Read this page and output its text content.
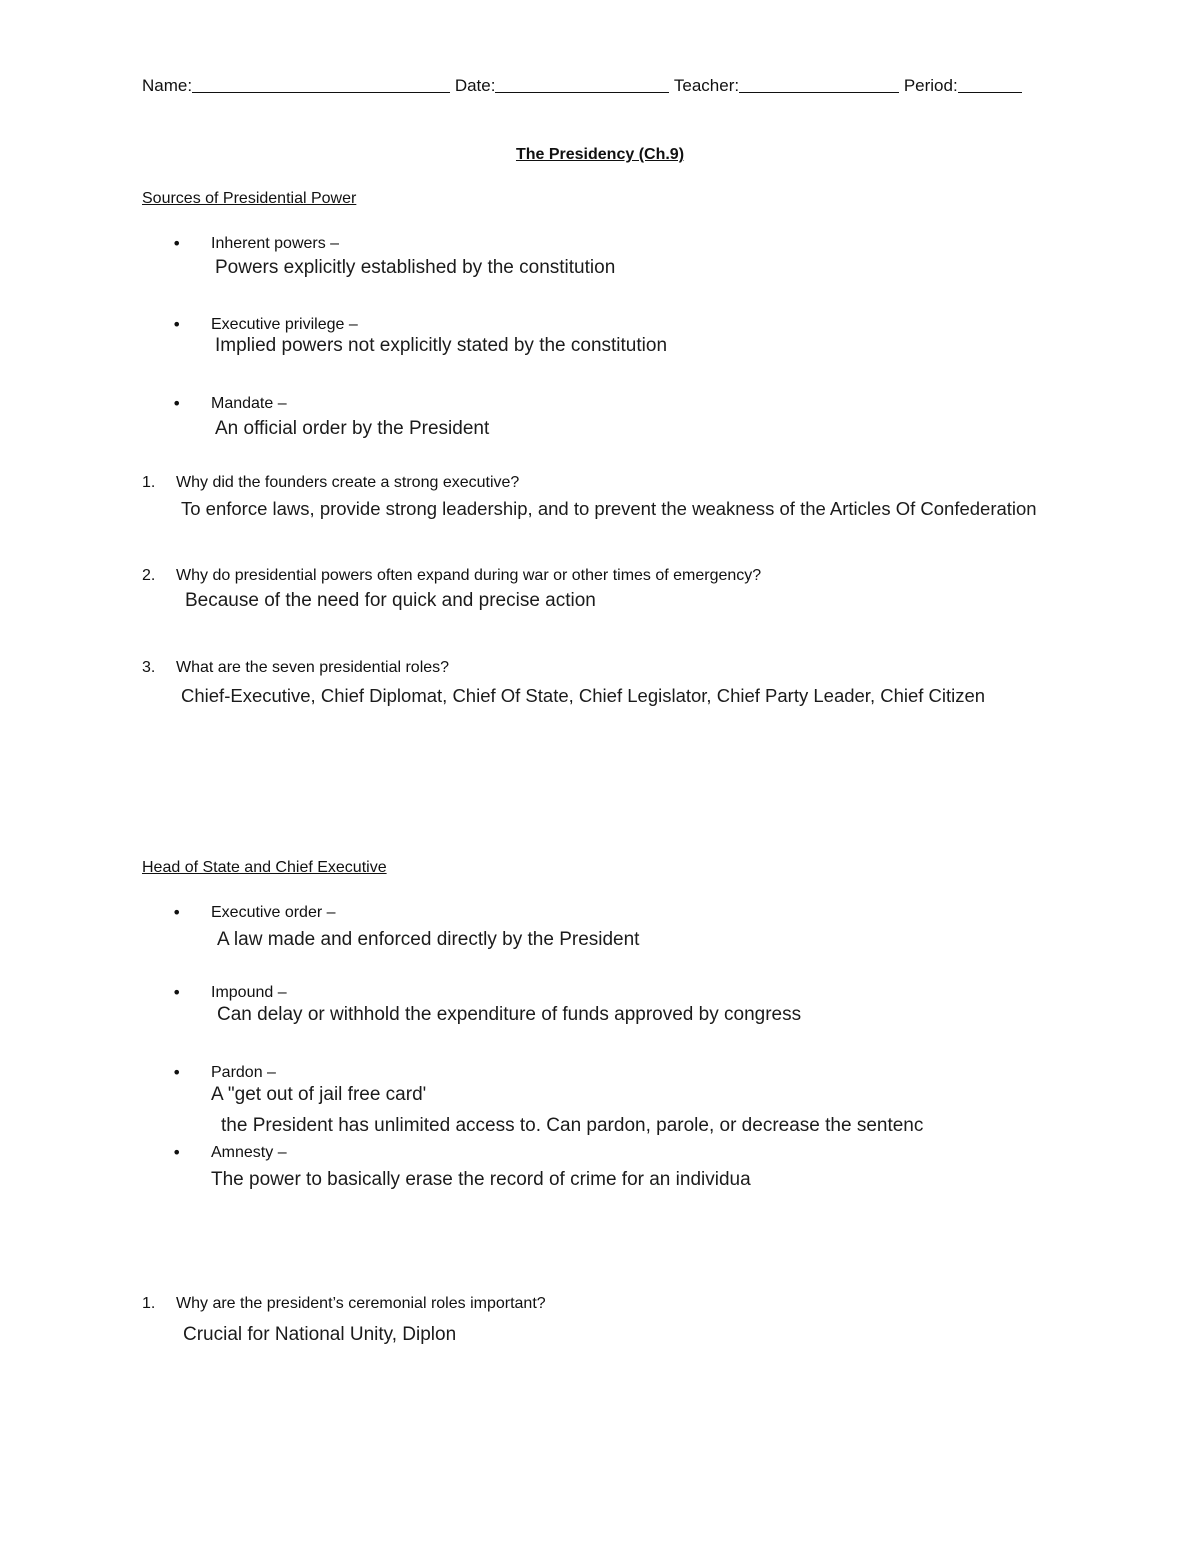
Name:	Date:	Teacher:	Period:
The Presidency (Ch.9)
Sources of Presidential Power
• Inherent powers –
Powers explicitly established by the constitution
• Executive privilege –
Implied powers not explicitly stated by the constitution
• Mandate –
An official order by the President
1. Why did the founders create a strong executive?
To enforce laws, provide strong leadership, and to prevent the weakness of the Articles Of Confederation
2. Why do presidential powers often expand during war or other times of emergency?
Because of the need for quick and precise action
3. What are the seven presidential roles?
Chief-Executive, Chief Diplomat, Chief Of State, Chief Legislator, Chief Party Leader, Chief Citizen
Head of State and Chief Executive
• Executive order –
A law made and enforced directly by the President
• Impound –
Can delay or withhold the expenditure of funds approved by congress
• Pardon –
A "get out of jail free card'
the President has unlimited access to. Can pardon, parole, or decrease the sentenc
• Amnesty –
The power to basically erase the record of crime for an individua
1. Why are the president’s ceremonial roles important?
Crucial for National Unity, Diplon
